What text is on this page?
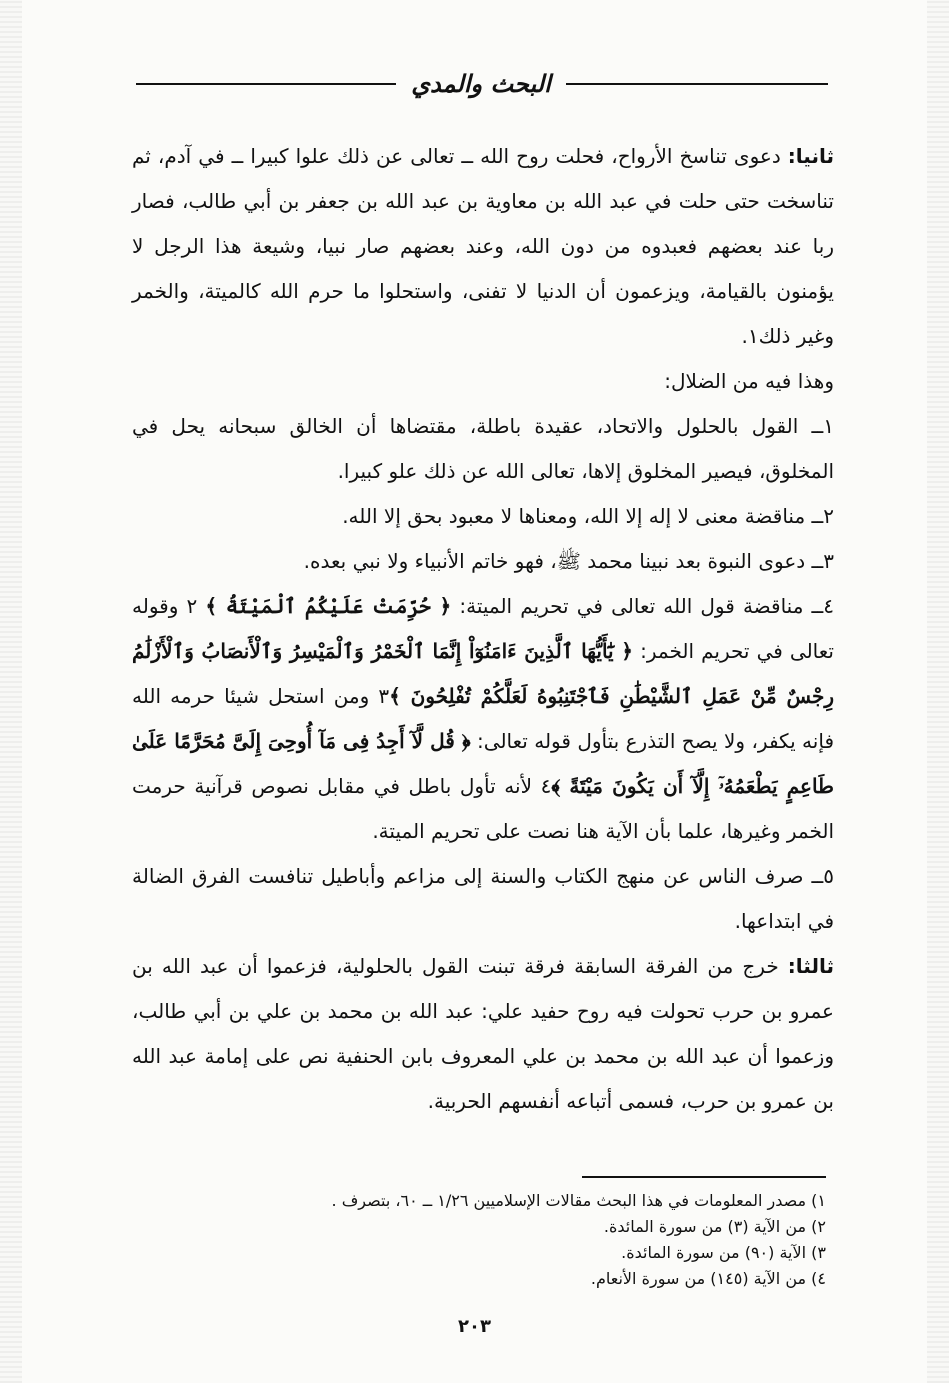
البحث والمدي

ثانيا: دعوى تناسخ الأرواح، فحلت روح الله ــ تعالى عن ذلك علوا كبيرا ــ في آدم، ثم تناسخت حتى حلت في عبد الله بن معاوية بن عبد الله بن جعفر بن أبي طالب، فصار ربا عند بعضهم فعبدوه من دون الله، وعند بعضهم صار نبيا، وشيعة هذا الرجل لا يؤمنون بالقيامة، ويزعمون أن الدنيا لا تفنى، واستحلوا ما حرم الله كالميتة، والخمر وغير ذلك١.

وهذا فيه من الضلال:

١ــ القول بالحلول والاتحاد، عقيدة باطلة، مقتضاها أن الخالق سبحانه يحل في المخلوق، فيصير المخلوق إلاها، تعالى الله عن ذلك علو كبيرا.

٢ــ مناقضة معنى لا إله إلا الله، ومعناها لا معبود بحق إلا الله.

٣ــ دعوى النبوة بعد نبينا محمد ﷺ، فهو خاتم الأنبياء ولا نبي بعده.

٤ــ مناقضة قول الله تعالى في تحريم الميتة: ﴿ حُرِّمَتْ عَلَيْكُمُ ٱلْمَيْتَةُ ﴾ ٢ وقوله تعالى في تحريم الخمر: ﴿ يَٰٓأَيُّهَا ٱلَّذِينَ ءَامَنُوٓاْ إِنَّمَا ٱلْخَمْرُ وَٱلْمَيْسِرُ وَٱلْأَنصَابُ وَٱلْأَزْلَٰمُ رِجْسٌ مِّنْ عَمَلِ ٱلشَّيْطَٰنِ فَٱجْتَنِبُوهُ لَعَلَّكُمْ تُفْلِحُونَ ﴾٣ ومن استحل شيئا حرمه الله فإنه يكفر، ولا يصح التذرع بتأول قوله تعالى: ﴿ قُل لَّآ أَجِدُ فِى مَآ أُوحِىَ إِلَىَّ مُحَرَّمًا عَلَىٰ طَاعِمٍ يَطْعَمُهُۥٓ إِلَّآ أَن يَكُونَ مَيْتَةً ﴾٤ لأنه تأول باطل في مقابل نصوص قرآنية حرمت الخمر وغيرها، علما بأن الآية هنا نصت على تحريم الميتة.

٥ــ صرف الناس عن منهج الكتاب والسنة إلى مزاعم وأباطيل تنافست الفرق الضالة في ابتداعها.

ثالثا: خرج من الفرقة السابقة فرقة تبنت القول بالحلولية، فزعموا أن عبد الله بن عمرو بن حرب تحولت فيه روح حفيد علي: عبد الله بن محمد بن علي بن أبي طالب، وزعموا أن عبد الله بن محمد بن علي المعروف بابن الحنفية نص على إمامة عبد الله بن عمرو بن حرب، فسمى أتباعه أنفسهم الحربية.

١) مصدر المعلومات في هذا البحث مقالات الإسلاميين ١/٢٦ ــ ٦٠، بتصرف .

٢) من الآية (٣) من سورة المائدة.

٣) الآية (٩٠) من سورة المائدة.

٤) من الآية (١٤٥) من سورة الأنعام.

٢٠٣
